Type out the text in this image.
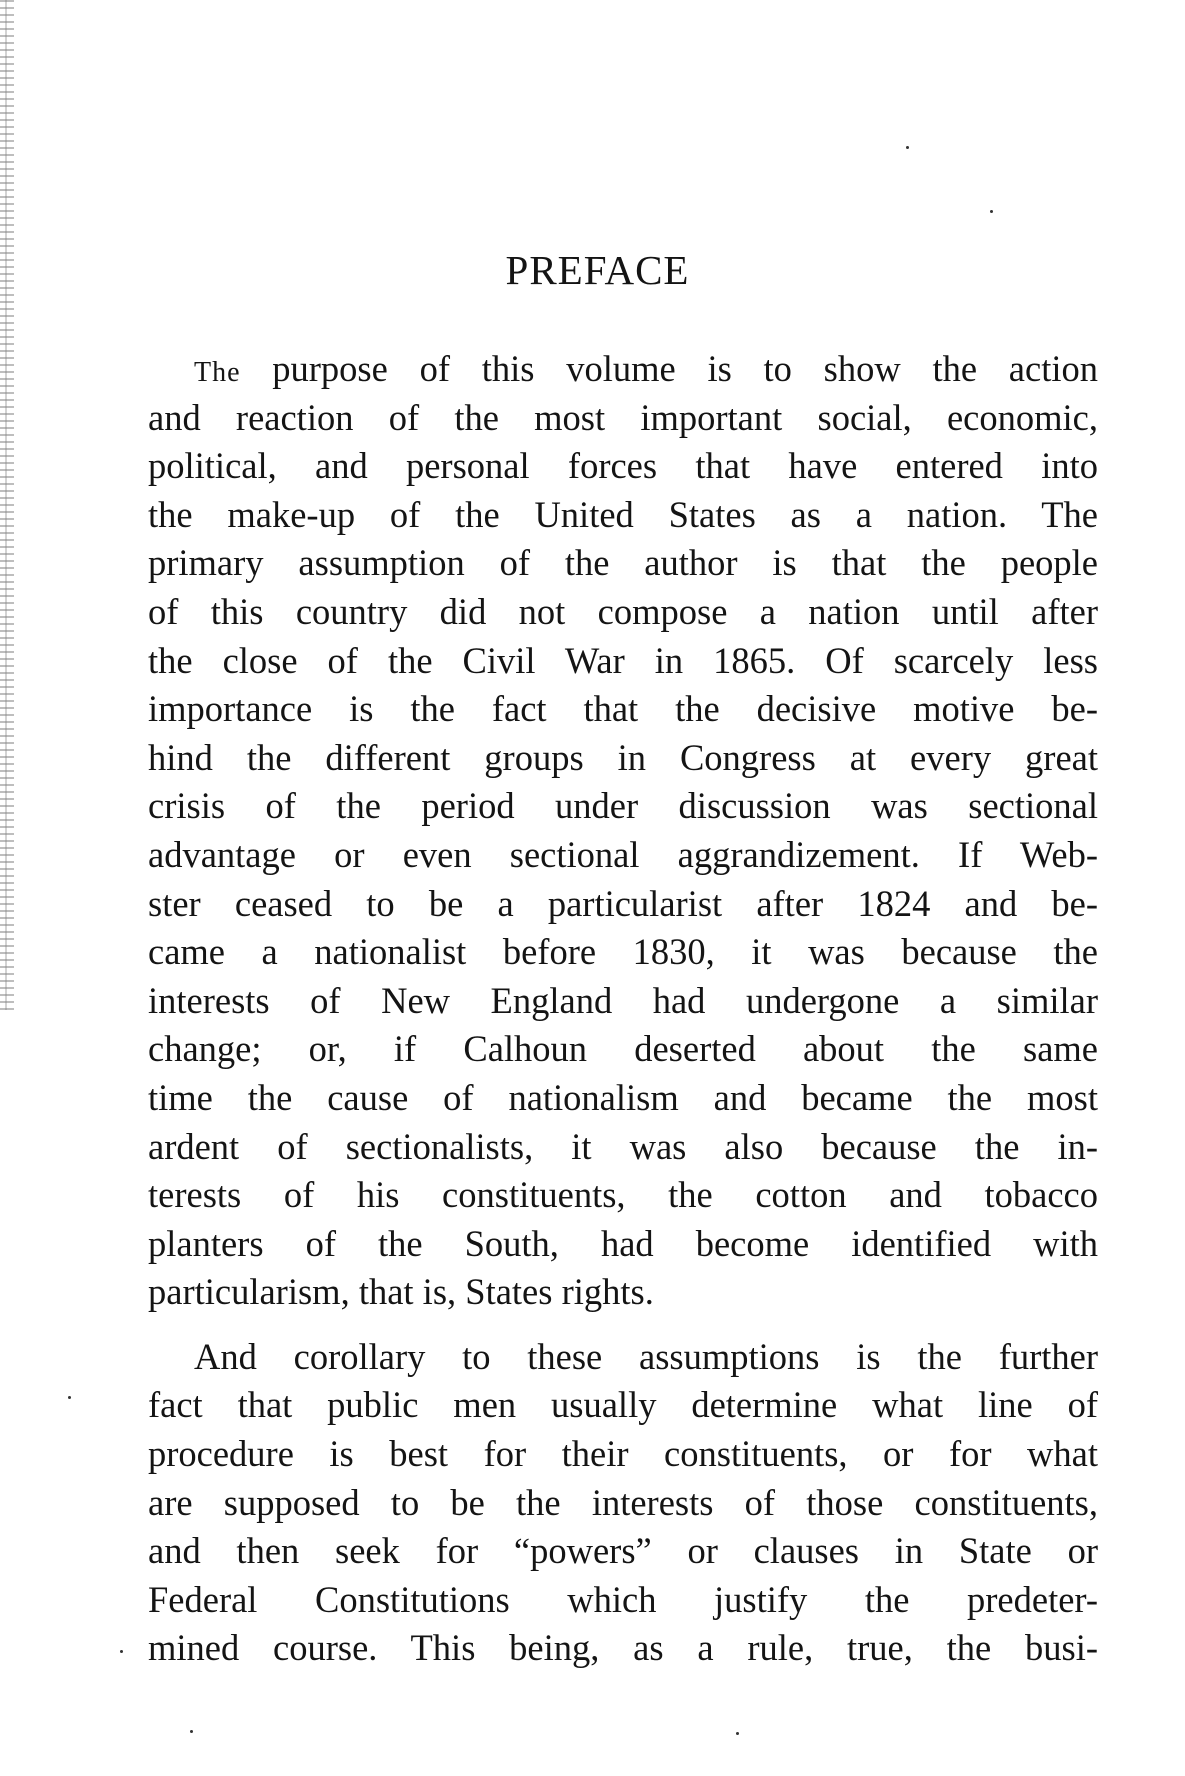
PREFACE
The purpose of this volume is to show the action
and reaction of the most important social, economic,
political, and personal forces that have entered into
the make-up of the United States as a nation. The
primary assumption of the author is that the people
of this country did not compose a nation until after
the close of the Civil War in 1865. Of scarcely less
importance is the fact that the decisive motive be-
hind the different groups in Congress at every great
crisis of the period under discussion was sectional
advantage or even sectional aggrandizement. If Web-
ster ceased to be a particularist after 1824 and be-
came a nationalist before 1830, it was because the
interests of New England had undergone a similar
change; or, if Calhoun deserted about the same
time the cause of nationalism and became the most
ardent of sectionalists, it was also because the in-
terests of his constituents, the cotton and tobacco
planters of the South, had become identified with
particularism, that is, States rights.
And corollary to these assumptions is the further
fact that public men usually determine what line of
procedure is best for their constituents, or for what
are supposed to be the interests of those constituents,
and then seek for “powers” or clauses in State or
Federal Constitutions which justify the predeter-
mined course. This being, as a rule, true, the busi-
